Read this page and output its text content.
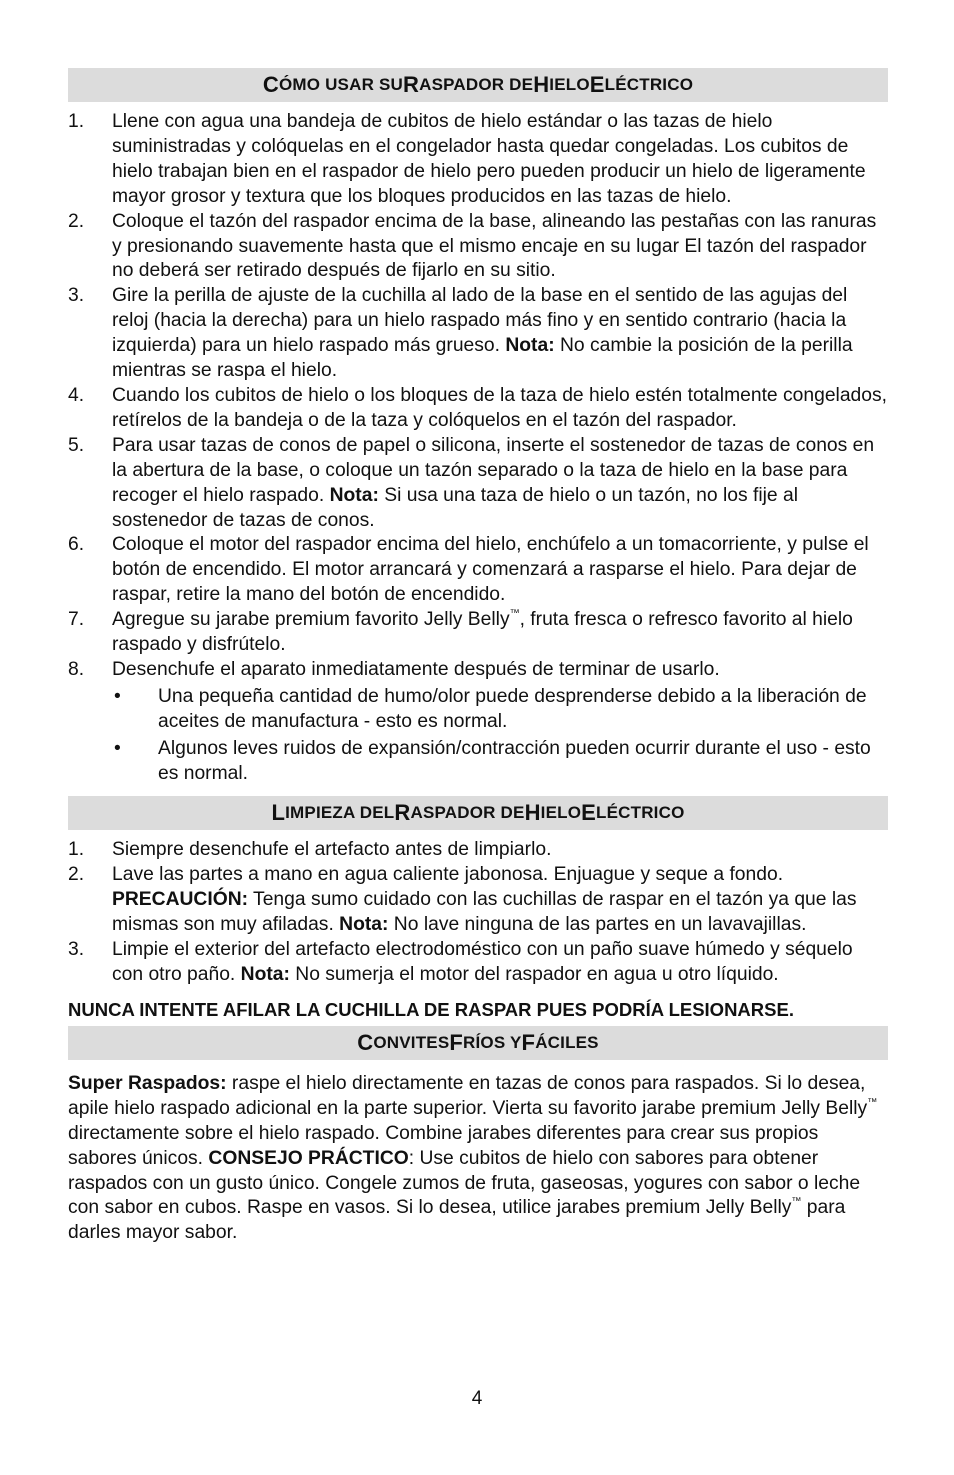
C ÓMO USAR SU R ASPADOR DE H IELO E LÉCTRICO
1.	Llene con agua una bandeja de cubitos de hielo estándar o las tazas de hielo suministradas y colóquelas en el congelador hasta quedar congeladas. Los cubitos de hielo trabajan bien en el raspador de hielo pero pueden producir un hielo de ligeramente mayor grosor y textura que los bloques producidos en las tazas de hielo.
2.	Coloque el tazón del raspador encima de la base, alineando las pestañas con las ranuras y presionando suavemente hasta que el mismo encaje en su lugar El tazón del raspador no deberá ser retirado después de fijarlo en su sitio.
3.	Gire la perilla de ajuste de la cuchilla al lado de la base en el sentido de las agujas del reloj (hacia la derecha) para un hielo raspado más fino y en sentido contrario (hacia la izquierda) para un hielo raspado más grueso. Nota: No cambie la posición de la perilla mientras se raspa el hielo.
4.	Cuando los cubitos de hielo o los bloques de la taza de hielo estén totalmente congelados, retírelos de la bandeja o de la taza y colóquelos en el tazón del raspador.
5.	Para usar tazas de conos de papel o silicona, inserte el sostenedor de tazas de conos en la abertura de la base, o coloque un tazón separado o la taza de hielo en la base para recoger el hielo raspado. Nota: Si usa una taza de hielo o un tazón, no los fije al sostenedor de tazas de conos.
6.	Coloque el motor del raspador encima del hielo, enchúfelo a un tomacorriente, y pulse el botón de encendido. El motor arrancará y comenzará a rasparse el hielo. Para dejar de raspar, retire la mano del botón de encendido.
7.	Agregue su jarabe premium favorito Jelly Belly™, fruta fresca o refresco favorito al hielo raspado y disfrútelo.
8.	Desenchufe el aparato inmediatamente después de terminar de usarlo.
•	Una pequeña cantidad de humo/olor puede desprenderse debido a la liberación de aceites de manufactura - esto es normal.
•	Algunos leves ruidos de expansión/contracción pueden ocurrir durante el uso - esto es normal.
L IMPIEZA DEL R ASPADOR DE H IELO E LÉCTRICO
1.	Siempre desenchufe el artefacto antes de limpiarlo.
2.	Lave las partes a mano en agua caliente jabonosa. Enjuague y seque a fondo. PRECAUCIÓN: Tenga sumo cuidado con las cuchillas de raspar en el tazón ya que las mismas son muy afiladas. Nota: No lave ninguna de las partes en un lavavajillas.
3.	Limpie el exterior del artefacto electrodoméstico con un paño suave húmedo y séquelo con otro paño. Nota: No sumerja el motor del raspador en agua u otro líquido.
NUNCA INTENTE AFILAR LA CUCHILLA DE RASPAR PUES PODRÍA LESIONARSE.
C ONVITES F RÍOS Y F ÁCILES
Super Raspados: raspe el hielo directamente en tazas de conos para raspados. Si lo desea, apile hielo raspado adicional en la parte superior. Vierta su favorito jarabe premium Jelly Belly™ directamente sobre el hielo raspado. Combine jarabes diferentes para crear sus propios sabores únicos. CONSEJO PRÁCTICO: Use cubitos de hielo con sabores para obtener raspados con un gusto único. Congele zumos de fruta, gaseosas, yogures con sabor o leche con sabor en cubos. Raspe en vasos. Si lo desea, utilice jarabes premium Jelly Belly™ para darles mayor sabor.
4
